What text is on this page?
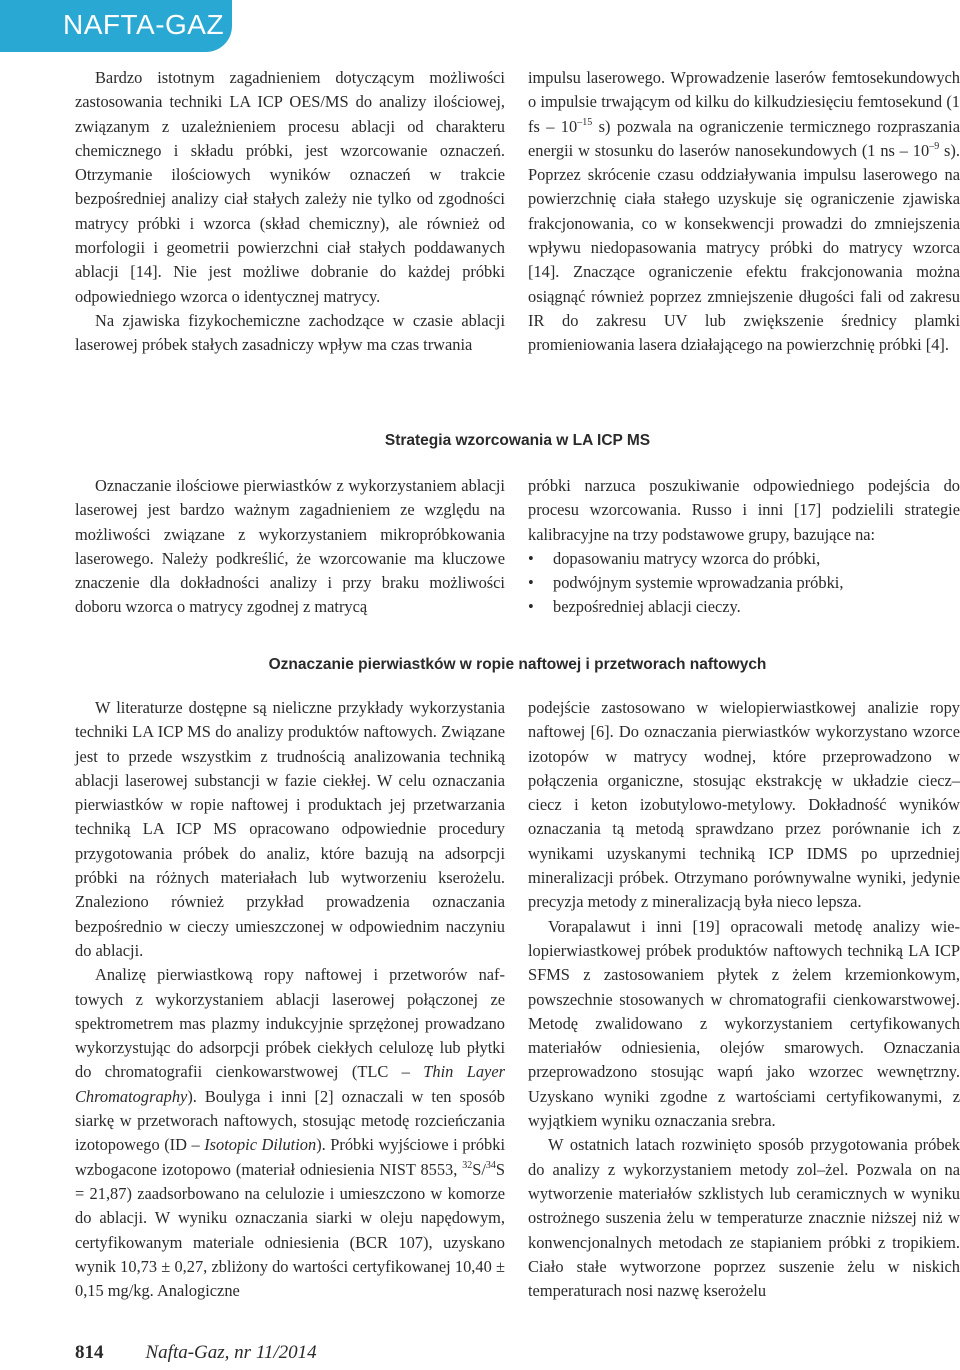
NAFTA-GAZ

Bardzo istotnym zagadnieniem dotyczącym możliwości zastosowania techniki LA ICP OES/MS do analizy ilościowej, związanym z uzależnieniem procesu ablacji od charakteru chemicznego i składu próbki, jest wzorcowanie oznaczeń. Otrzymanie ilościowych wyników oznaczeń w trakcie bezpośredniej analizy ciał stałych zależy nie tylko od zgodności matrycy próbki i wzorca (skład chemiczny), ale również od morfologii i geometrii powierzchni ciał stałych poddawanych ablacji [14]. Nie jest możliwe dobranie do każdej próbki odpowiedniego wzorca o identycznej matrycy.

Na zjawiska fizykochemiczne zachodzące w czasie ablacji laserowej próbek stałych zasadniczy wpływ ma czas trwania

impulsu laserowego. Wprowadzenie laserów femtosekundowych o impulsie trwającym od kilku do kilkudziesięciu femtosekund (1 fs – $10^{-15}$ s) pozwala na ograniczenie termicznego rozpraszania energii w stosunku do laserów nanosekundowych (1 ns – $10^{-9}$ s). Poprzez skrócenie czasu oddziaływania impulsu laserowego na powierzchnię ciała stałego uzyskuje się ograniczenie zjawiska frakcjonowania, co w konsekwencji prowadzi do zmniejszenia wpływu niedopasowania matrycy próbki do matrycy wzorca [14]. Znaczące ograniczenie efektu frakcjonowania można osiągnąć również poprzez zmniejszenie długości fali od zakresu IR do zakresu UV lub zwiększenie średnicy plamki promieniowania lasera działającego na powierzchnię próbki [4].

Strategia wzorcowania w LA ICP MS

Oznaczanie ilościowe pierwiastków z wykorzystaniem ablacji laserowej jest bardzo ważnym zagadnieniem ze względu na możliwości związane z wykorzystaniem mikropróbkowania laserowego. Należy podkreślić, że wzorcowanie ma kluczowe znaczenie dla dokładności analizy i przy braku możliwości doboru wzorca o matrycy zgodnej z matrycą

próbki narzuca poszukiwanie odpowiedniego podejścia do procesu wzorcowania. Russo i inni [17] podzielili strategie kalibracyjne na trzy podstawowe grupy, bazujące na:

• dopasowaniu matrycy wzorca do próbki,
• podwójnym systemie wprowadzania próbki,
• bezpośredniej ablacji cieczy.
Oznaczanie pierwiastków w ropie naftowej i przetworach naftowych

W literaturze dostępne są nieliczne przykłady wykorzystania techniki LA ICP MS do analizy produktów naftowych. Związane jest to przede wszystkim z trudnością analizowania techniką ablacji laserowej substancji w fazie ciekłej. W celu oznaczania pierwiastków w ropie naftowej i produktach jej przetwarzania techniką LA ICP MS opracowano odpowiednie procedury przygotowania próbek do analiz, które bazują na adsorpcji próbki na różnych materiałach lub wytworzeniu kserożelu. Znaleziono również przykład prowadzenia oznaczania bezpośrednio w cieczy umieszczonej w odpowiednim naczyniu do ablacji.

Analizę pierwiastkową ropy naftowej i przetworów naftowych z wykorzystaniem ablacji laserowej połączonej ze spektrometrem mas plazmy indukcyjnie sprzężonej prowadzano wykorzystując do adsorpcji próbek ciekłych celulozę lub płytki do chromatografii cienkowarstwowej (TLC – Thin Layer Chromatography). Boulyga i inni [2] oznaczali w ten sposób siarkę w przetworach naftowych, stosując metodę rozcieńczania izotopowego (ID – Isotopic Dilution). Próbki wyjściowe i próbki wzbogacone izotopowo (materiał odniesienia NIST 8553, $^{32}$S/$^{34}$S = 21,87) zaadsorbowano na celulozie i umieszczono w komorze do ablacji. W wyniku oznaczania siarki w oleju napędowym, certyfikowanym materiale odniesienia (BCR 107), uzyskano wynik 10,73 ± 0,27, zbliżony do wartości certyfikowanej 10,40 ± 0,15 mg/kg. Analogiczne

podejście zastosowano w wielopierwiastkowej analizie ropy naftowej [6]. Do oznaczania pierwiastków wykorzystano wzorce izotopów w matrycy wodnej, które przeprowadzono w połączenia organiczne, stosując ekstrakcję w układzie ciecz–ciecz i keton izobutylowo-metylowy. Dokładność wyników oznaczania tą metodą sprawdzano przez porównanie ich z wynikami uzyskanymi techniką ICP IDMS po uprzedniej mineralizacji próbek. Otrzymano porównywalne wyniki, jedynie precyzja metody z mineralizacją była nieco lepsza.

Vorapalawut i inni [19] opracowali metodę analizy wielopierwiastkowej próbek produktów naftowych techniką LA ICP SFMS z zastosowaniem płytek z żelem krzemionkowym, powszechnie stosowanych w chromatografii cienkowarstwowej. Metodę zwalidowano z wykorzystaniem certyfikowanych materiałów odniesienia, olejów smarowych. Oznaczania przeprowadzono stosując wapń jako wzorzec wewnętrzny. Uzyskano wyniki zgodne z wartościami certyfikowanymi, z wyjątkiem wyniku oznaczania srebra.

W ostatnich latach rozwinięto sposób przygotowania próbek do analizy z wykorzystaniem metody zol–żel. Pozwala on na wytworzenie materiałów szklistych lub ceramicznych w wyniku ostrożnego suszenia żelu w temperaturze znacznie niższej niż w konwencjonalnych metodach ze stapianiem próbki z tropikiem. Ciało stałe wytworzone poprzez suszenie żelu w niskich temperaturach nosi nazwę kserożelu

814 Nafta-Gaz, nr 11/2014
